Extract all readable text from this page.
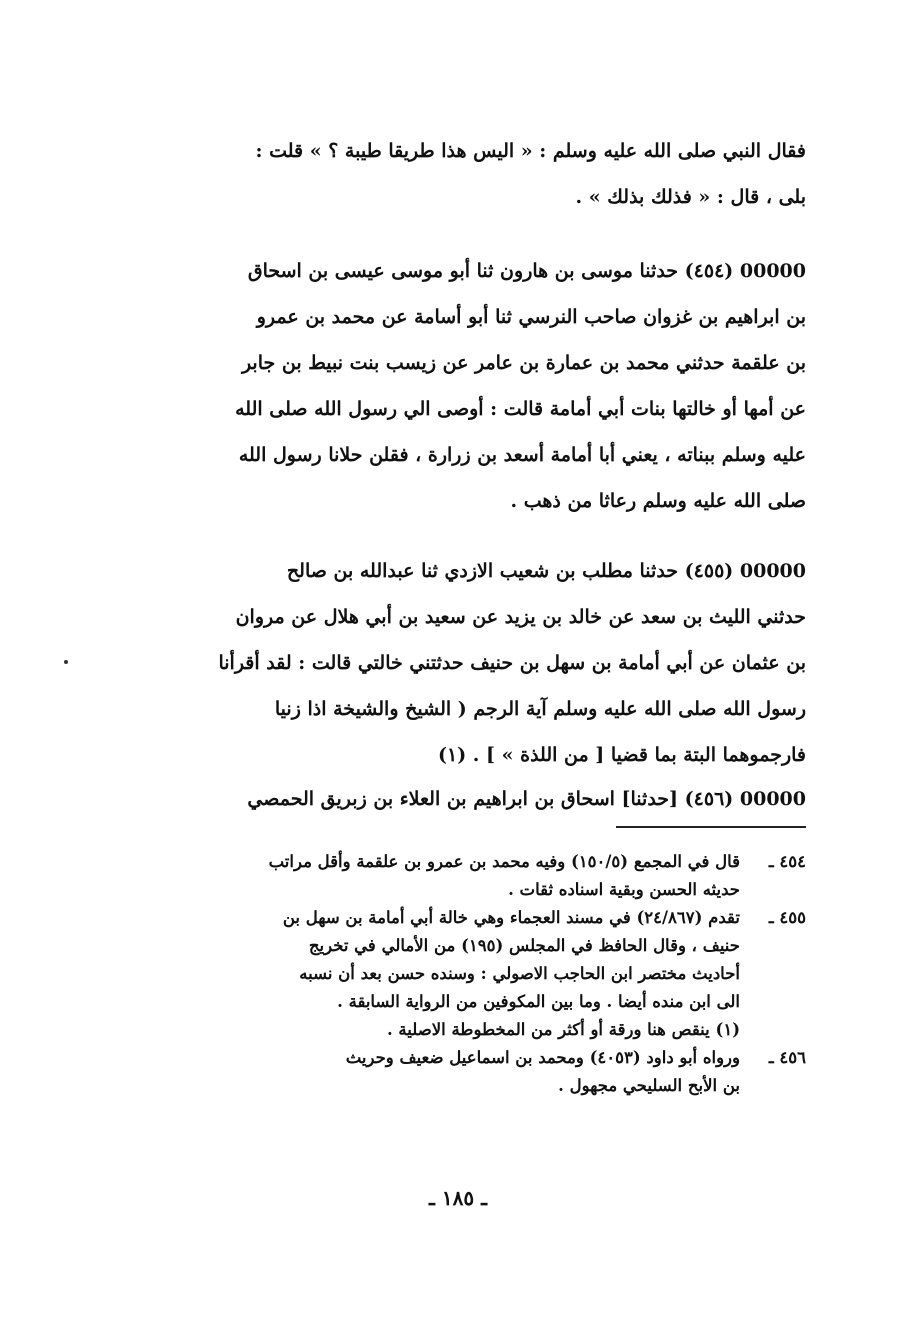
فقال النبي صلى الله عليه وسلم : « اليس هذا طريقا طيبة ؟ » قلت :

بلى ، قال : « فذلك بذلك » .

00000 (٤٥٤) حدثنا موسى بن هارون ثنا أبو موسى عيسى بن اسحاق

بن ابراهيم بن غزوان صاحب النرسي ثنا أبو أسامة عن محمد بن عمرو

بن علقمة حدثني محمد بن عمارة بن عامر عن زيسب بنت نبيط بن جابر

عن أمها أو خالتها بنات أبي أمامة قالت : أوصى الي رسول الله صلى الله

عليه وسلم ببناته ، يعني أبا أمامة أسعد بن زرارة ، فقلن حلانا رسول الله

صلى الله عليه وسلم رعاثا من ذهب .

00000 (٤٥٥) حدثنا مطلب بن شعيب الازدي ثنا عبدالله بن صالح

حدثني الليث بن سعد عن خالد بن يزيد عن سعيد بن أبي هلال عن مروان

بن عثمان عن أبي أمامة بن سهل بن حنيف حدثتني خالتي قالت : لقد أقرأنا

رسول الله صلى الله عليه وسلم آية الرجم ( الشيخ والشيخة اذا زنيا

فارجموهما البتة بما قضيا [ من اللذة » ] . (١)

00000 (٤٥٦) [حدثنا] اسحاق بن ابراهيم بن العلاء بن زبريق الحمصي

٤٥٤ ـ

قال في المجمع (١٥٠/٥) وفيه محمد بن عمرو بن علقمة وأقل مراتب

حديثه الحسن وبقية اسناده ثقات .

٤٥٥ ـ

تقدم (٢٤/٨٦٧) في مسند العجماء وهي خالة أبي أمامة بن سهل بن

حنيف ، وقال الحافظ في المجلس (١٩٥) من الأمالي في تخريج

أحاديث مختصر ابن الحاجب الاصولي : وسنده حسن بعد أن نسبه

الى ابن منده أيضا . وما بين المكوفين من الرواية السابقة .

(١) ينقص هنا ورقة أو أكثر من المخطوطة الاصلية .

٤٥٦ ـ

ورواه أبو داود (٤٠٥٣) ومحمد بن اسماعيل ضعيف وحريث

بن الأبح السليحي مجهول .

ـ ١٨٥ ـ
